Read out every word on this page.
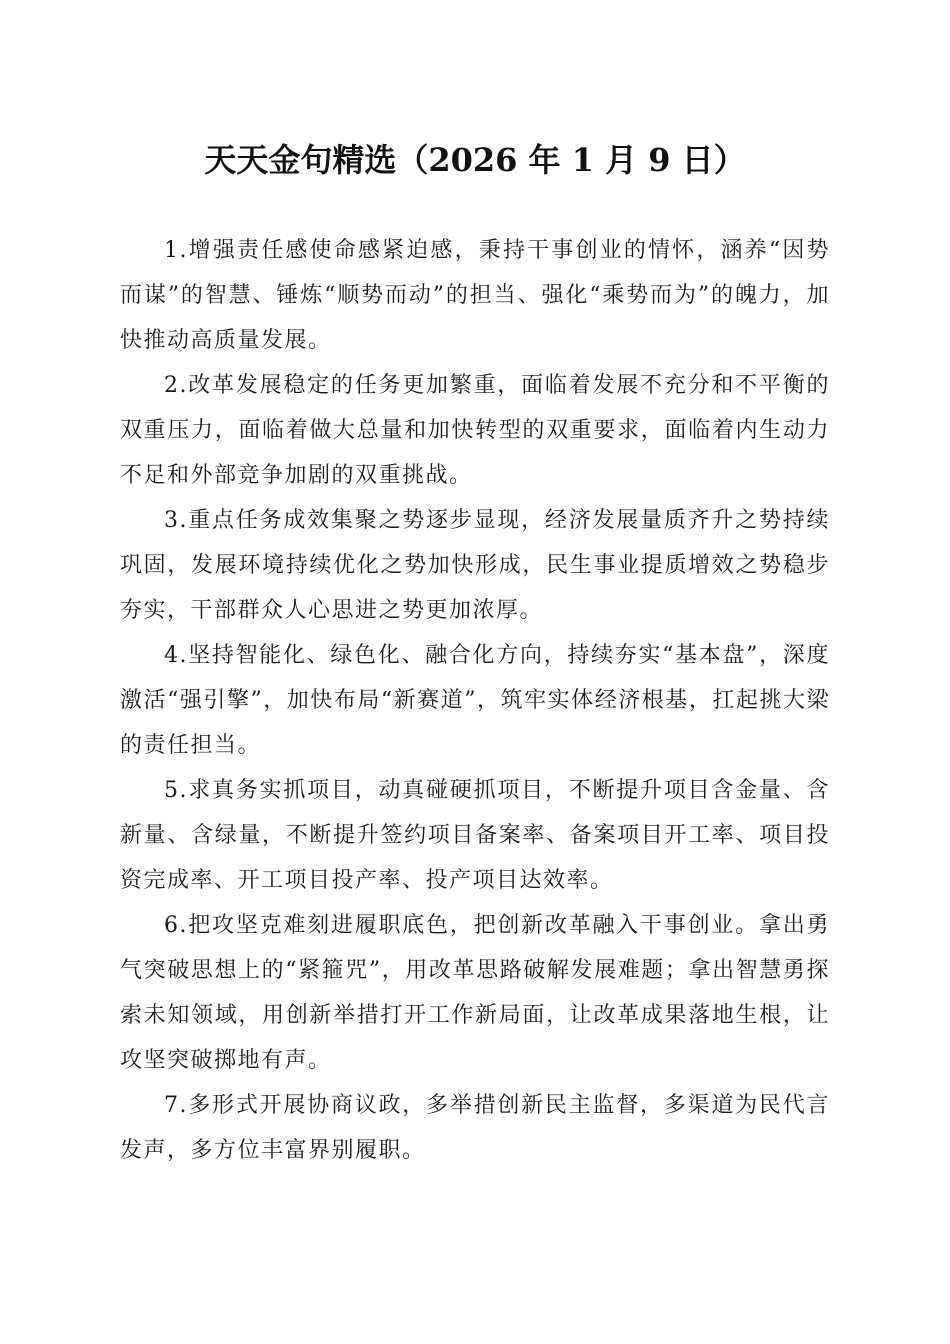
天天金句精选（2026 年 1 月 9 日）

1.增强责任感使命感紧迫感，秉持干事创业的情怀，涵养“因势而谋”的智慧、锤炼“顺势而动”的担当、强化“乘势而为”的魄力，加快推动高质量发展。

2.改革发展稳定的任务更加繁重，面临着发展不充分和不平衡的双重压力，面临着做大总量和加快转型的双重要求，面临着内生动力不足和外部竞争加剧的双重挑战。

3.重点任务成效集聚之势逐步显现，经济发展量质齐升之势持续巩固，发展环境持续优化之势加快形成，民生事业提质增效之势稳步夯实，干部群众人心思进之势更加浓厚。

4.坚持智能化、绿色化、融合化方向，持续夯实“基本盘”，深度激活“强引擎”，加快布局“新赛道”，筑牢实体经济根基，扛起挑大梁的责任担当。

5.求真务实抓项目，动真碰硬抓项目，不断提升项目含金量、含新量、含绿量，不断提升签约项目备案率、备案项目开工率、项目投资完成率、开工项目投产率、投产项目达效率。

6.把攻坚克难刻进履职底色，把创新改革融入干事创业。拿出勇气突破思想上的“紧箍咒”，用改革思路破解发展难题；拿出智慧勇探索未知领域，用创新举措打开工作新局面，让改革成果落地生根，让攻坚突破掷地有声。

7.多形式开展协商议政，多举措创新民主监督，多渠道为民代言发声，多方位丰富界别履职。
